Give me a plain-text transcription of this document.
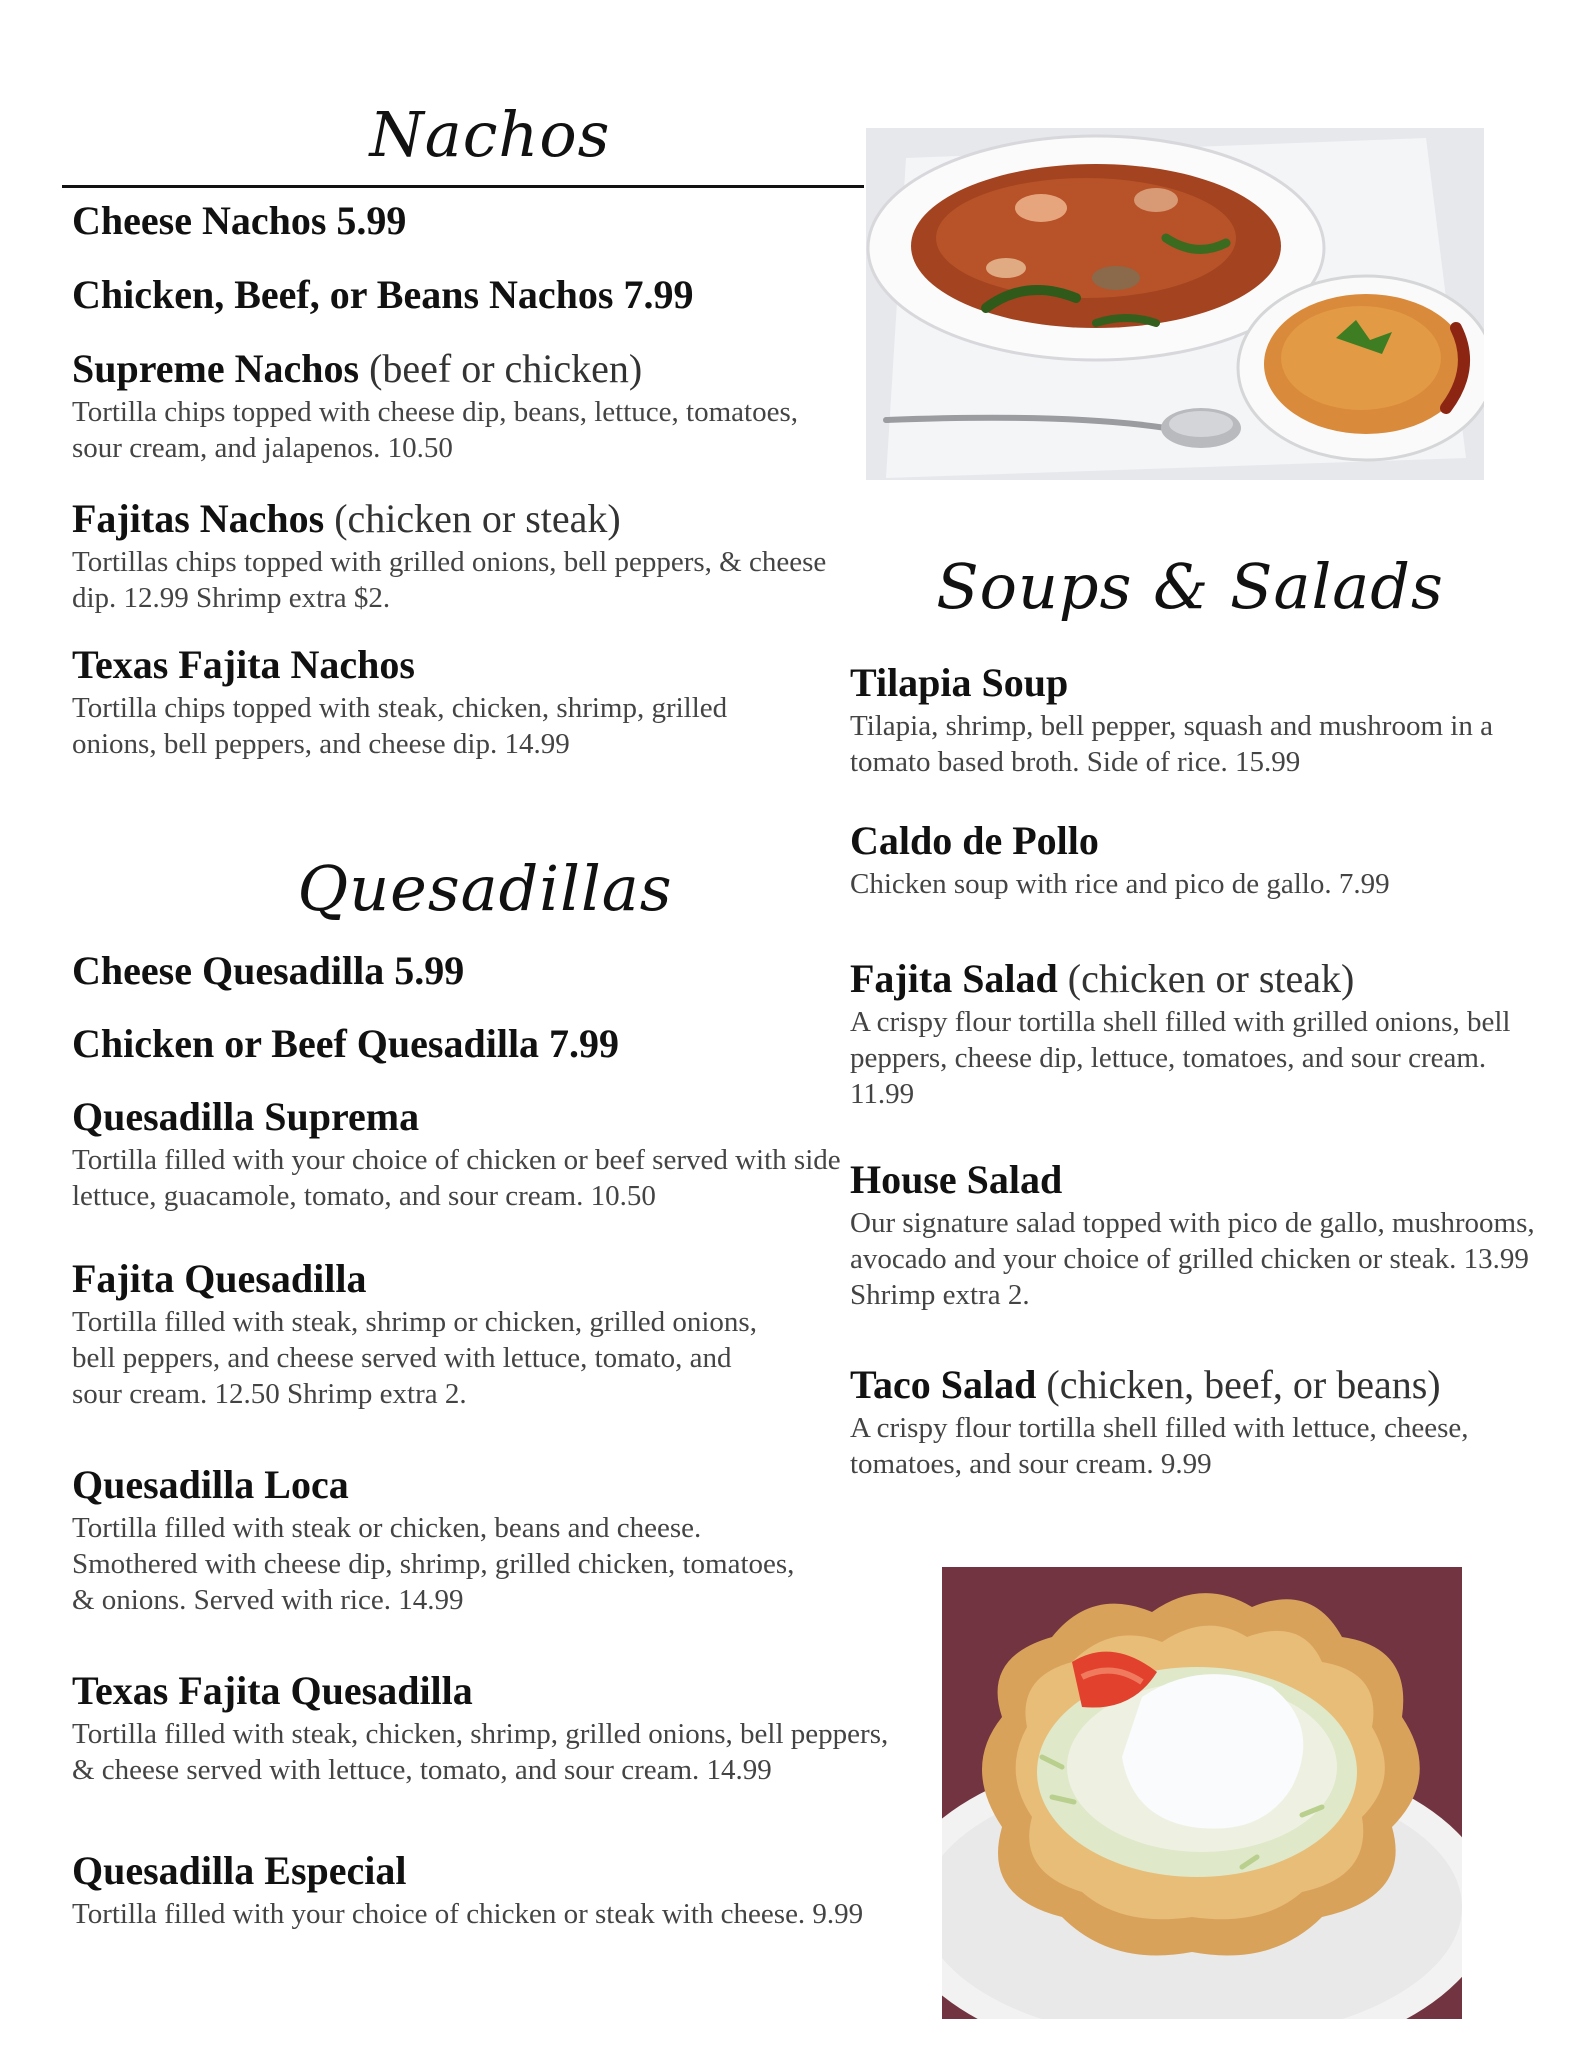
Nachos
Quesadillas
Soups & Salads
Cheese Nachos 5.99
Chicken, Beef, or Beans Nachos 7.99
Supreme Nachos (beef or chicken)
Tortilla chips topped with cheese dip, beans, lettuce, tomatoes, sour cream, and jalapenos. 10.50
Fajitas Nachos (chicken or steak)
Tortillas chips topped with grilled onions, bell peppers, & cheese dip. 12.99 Shrimp extra $2.
Texas Fajita Nachos
Tortilla chips topped with steak, chicken, shrimp, grilled onions, bell peppers, and cheese dip. 14.99
Cheese Quesadilla 5.99
Chicken or Beef Quesadilla 7.99
Quesadilla Suprema
Tortilla filled with your choice of chicken or beef served with side lettuce, guacamole, tomato, and sour cream. 10.50
Fajita Quesadilla
Tortilla filled with steak, shrimp or chicken, grilled onions, bell peppers, and cheese served with lettuce, tomato, and sour cream. 12.50 Shrimp extra 2.
Quesadilla Loca
Tortilla filled with steak or chicken, beans and cheese. Smothered with cheese dip, shrimp, grilled chicken, tomatoes, & onions. Served with rice. 14.99
Texas Fajita Quesadilla
Tortilla filled with steak, chicken, shrimp, grilled onions, bell peppers, & cheese served with lettuce, tomato, and sour cream. 14.99
Quesadilla Especial
Tortilla filled with your choice of chicken or steak with cheese. 9.99
Tilapia Soup
Tilapia, shrimp, bell pepper, squash and mushroom in a tomato based broth. Side of rice. 15.99
Caldo de Pollo
Chicken soup with rice and pico de gallo. 7.99
Fajita Salad (chicken or steak)
A crispy flour tortilla shell filled with grilled onions, bell peppers, cheese dip, lettuce, tomatoes, and sour cream. 11.99
House Salad
Our signature salad topped with pico de gallo, mushrooms, avocado and your choice of grilled chicken or steak. 13.99 Shrimp extra 2.
Taco Salad (chicken, beef, or beans)
A crispy flour tortilla shell filled with lettuce, cheese, tomatoes, and sour cream. 9.99
